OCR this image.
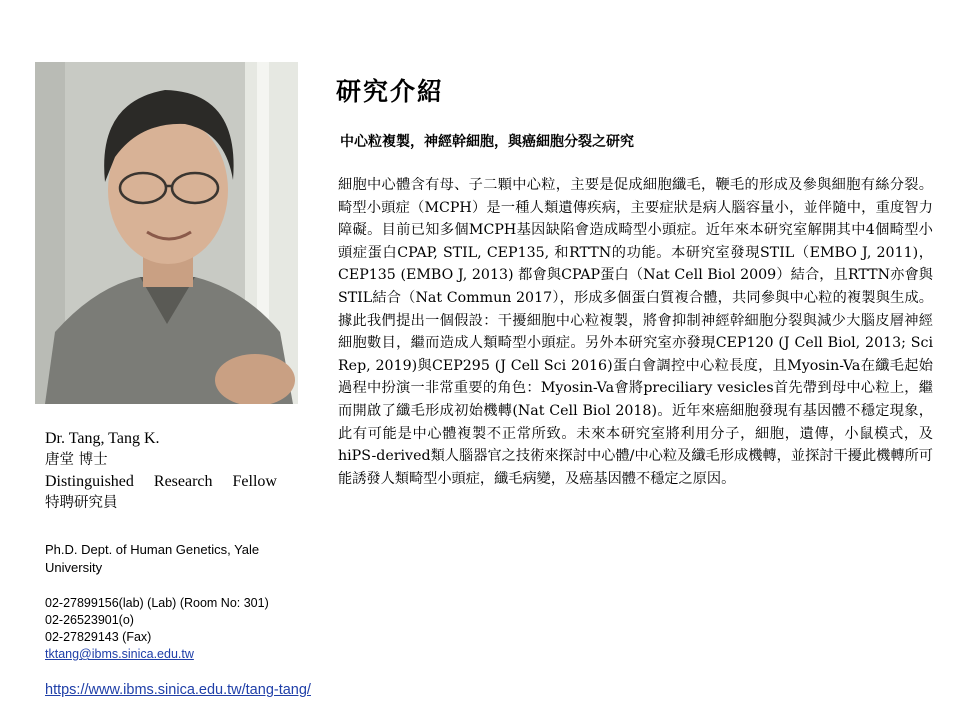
Dr. Tang, Tang K.

唐堂 博士

Distinguished Research Fellow

特聘研究員

Ph.D. Dept. of Human Genetics, Yale University

02-27899156(lab) (Lab) (Room No: 301)
02-26523901(o)
02-27829143 (Fax)
tktang@ibms.sinica.edu.tw
https://www.ibms.sinica.edu.tw/tang-tang/
研究介紹
中心粒複製，神經幹細胞，與癌細胞分裂之研究

細胞中心體含有母、子二顆中心粒，主要是促成細胞纖毛，鞭毛的形成及參與細胞有絲分裂。畸型小頭症（MCPH）是一種人類遺傳疾病，主要症狀是病人腦容量小，並伴隨中，重度智力障礙。目前已知多個MCPH基因缺陷會造成畸型小頭症。近年來本研究室解開其中4個畸型小頭症蛋白CPAP, STIL, CEP135, 和RTTN的功能。本研究室發現STIL（EMBO J, 2011)， CEP135 (EMBO J, 2013) 都會與CPAP蛋白（Nat Cell Biol 2009）結合，且RTTN亦會與STIL結合（Nat Commun 2017），形成多個蛋白質複合體，共同參與中心粒的複製與生成。據此我們提出一個假設：干擾細胞中心粒複製，將會抑制神經幹細胞分裂與減少大腦皮層神經細胞數目，繼而造成人類畸型小頭症。另外本研究室亦發現CEP120 (J Cell Biol, 2013; Sci Rep, 2019)與CEP295 (J Cell Sci 2016)蛋白會調控中心粒長度，且Myosin-Va在纖毛起始過程中扮演一非常重要的角色：Myosin-Va會將preciliary vesicles首先帶到母中心粒上，繼而開啟了纖毛形成初始機轉(Nat Cell Biol 2018)。近年來癌細胞發現有基因體不穩定現象，此有可能是中心體複製不正常所致。未來本研究室將利用分子，細胞，遺傳，小鼠模式，及hiPS-derived類人腦器官之技術來探討中心體/中心粒及纖毛形成機轉，並探討干擾此機轉所可能誘發人類畸型小頭症，纖毛病變，及癌基因體不穩定之原因。
